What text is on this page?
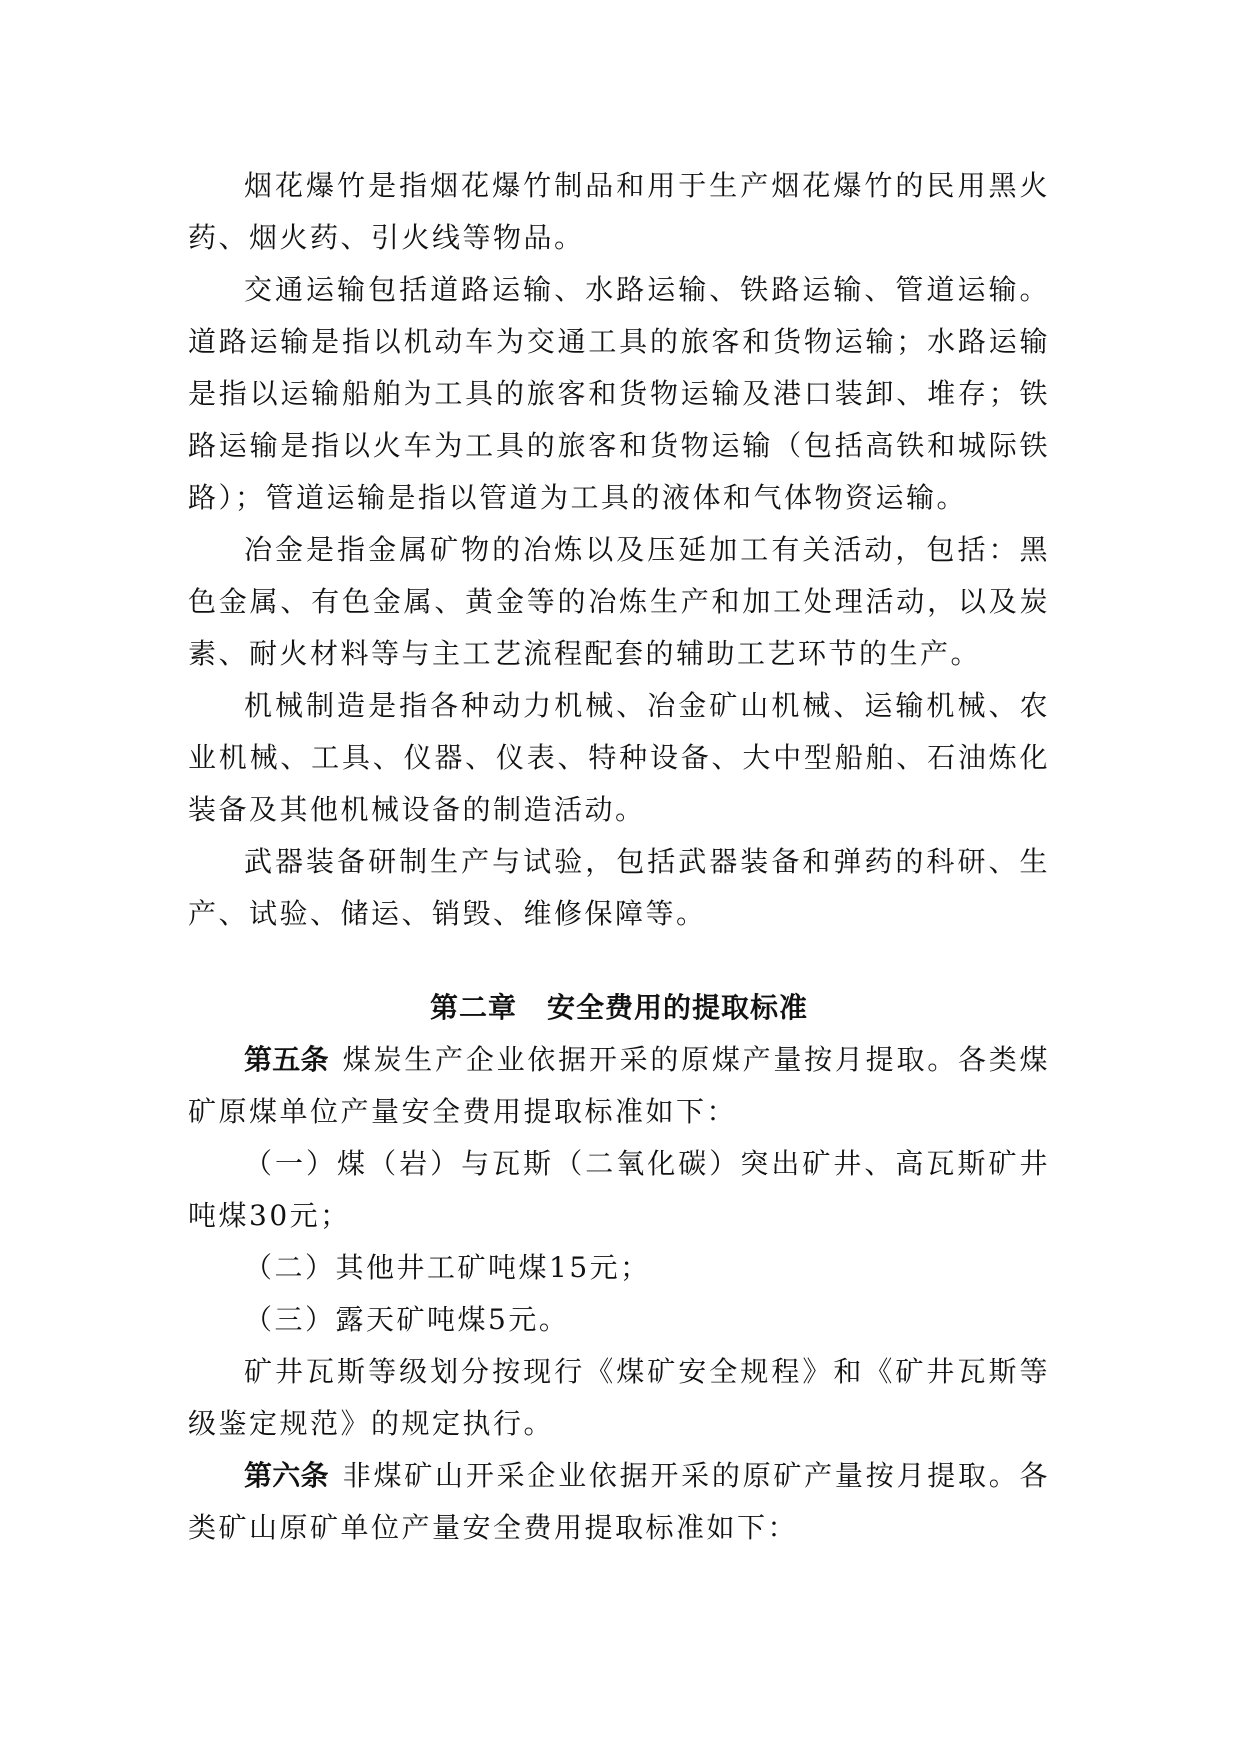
烟花爆竹是指烟花爆竹制品和用于生产烟花爆竹的民用黑火药、烟火药、引火线等物品。

交通运输包括道路运输、水路运输、铁路运输、管道运输。道路运输是指以机动车为交通工具的旅客和货物运输；水路运输是指以运输船舶为工具的旅客和货物运输及港口装卸、堆存；铁路运输是指以火车为工具的旅客和货物运输（包括高铁和城际铁路）；管道运输是指以管道为工具的液体和气体物资运输。

冶金是指金属矿物的冶炼以及压延加工有关活动，包括：黑色金属、有色金属、黄金等的冶炼生产和加工处理活动，以及炭素、耐火材料等与主工艺流程配套的辅助工艺环节的生产。

机械制造是指各种动力机械、冶金矿山机械、运输机械、农业机械、工具、仪器、仪表、特种设备、大中型船舶、石油炼化装备及其他机械设备的制造活动。

武器装备研制生产与试验，包括武器装备和弹药的科研、生产、试验、储运、销毁、维修保障等。

第二章 安全费用的提取标准

第五条 煤炭生产企业依据开采的原煤产量按月提取。各类煤矿原煤单位产量安全费用提取标准如下：

（一）煤（岩）与瓦斯（二氧化碳）突出矿井、高瓦斯矿井吨煤30元；

（二）其他井工矿吨煤15元；

（三）露天矿吨煤5元。

矿井瓦斯等级划分按现行《煤矿安全规程》和《矿井瓦斯等级鉴定规范》的规定执行。

第六条 非煤矿山开采企业依据开采的原矿产量按月提取。各类矿山原矿单位产量安全费用提取标准如下：
